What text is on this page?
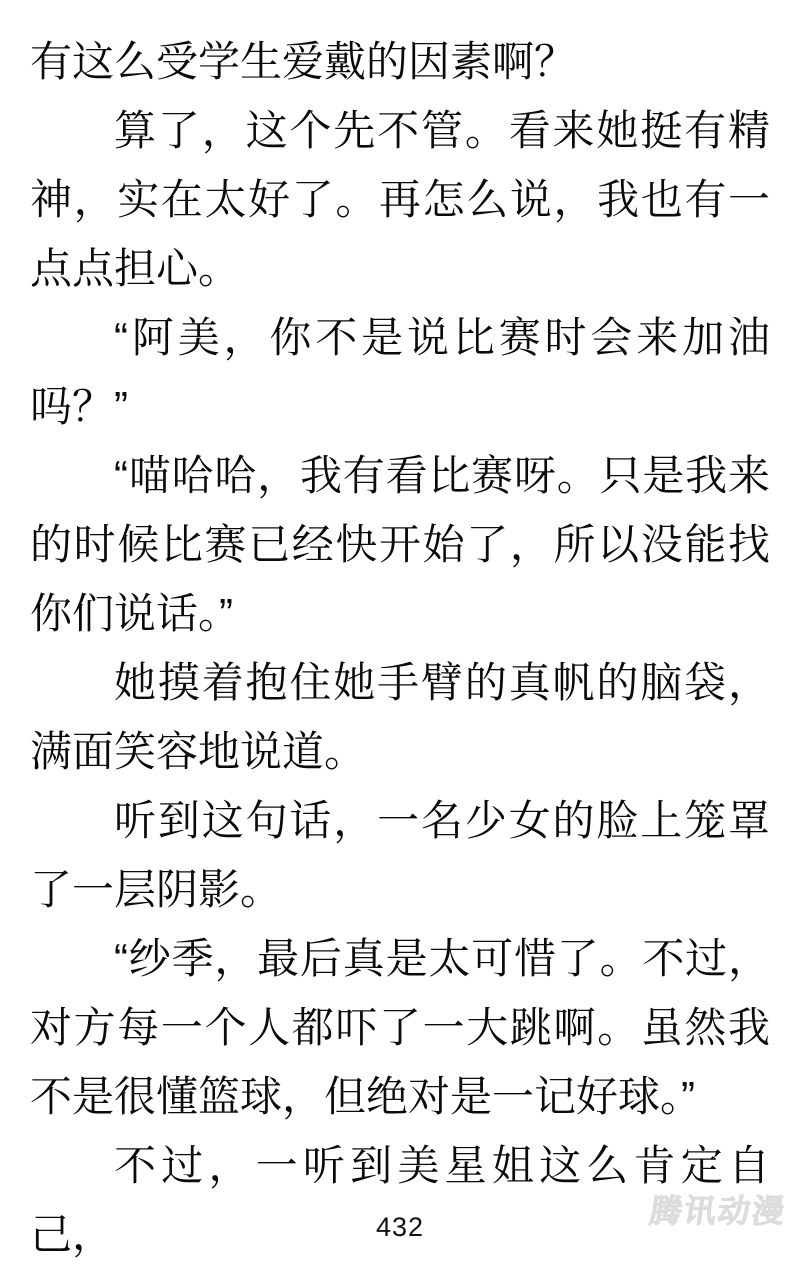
有这么受学生爱戴的因素啊？

算了，这个先不管。看来她挺有精神，实在太好了。再怎么说，我也有一点点担心。

“阿美，你不是说比赛时会来加油吗？”

“喵哈哈，我有看比赛呀。只是我来的时候比赛已经快开始了，所以没能找你们说话。”

她摸着抱住她手臂的真帆的脑袋，满面笑容地说道。

听到这句话，一名少女的脸上笼罩了一层阴影。

“纱季，最后真是太可惜了。不过，对方每一个人都吓了一大跳啊。虽然我不是很懂篮球，但绝对是一记好球。”

不过，一听到美星姐这么肯定自己，	432	腾讯动漫
